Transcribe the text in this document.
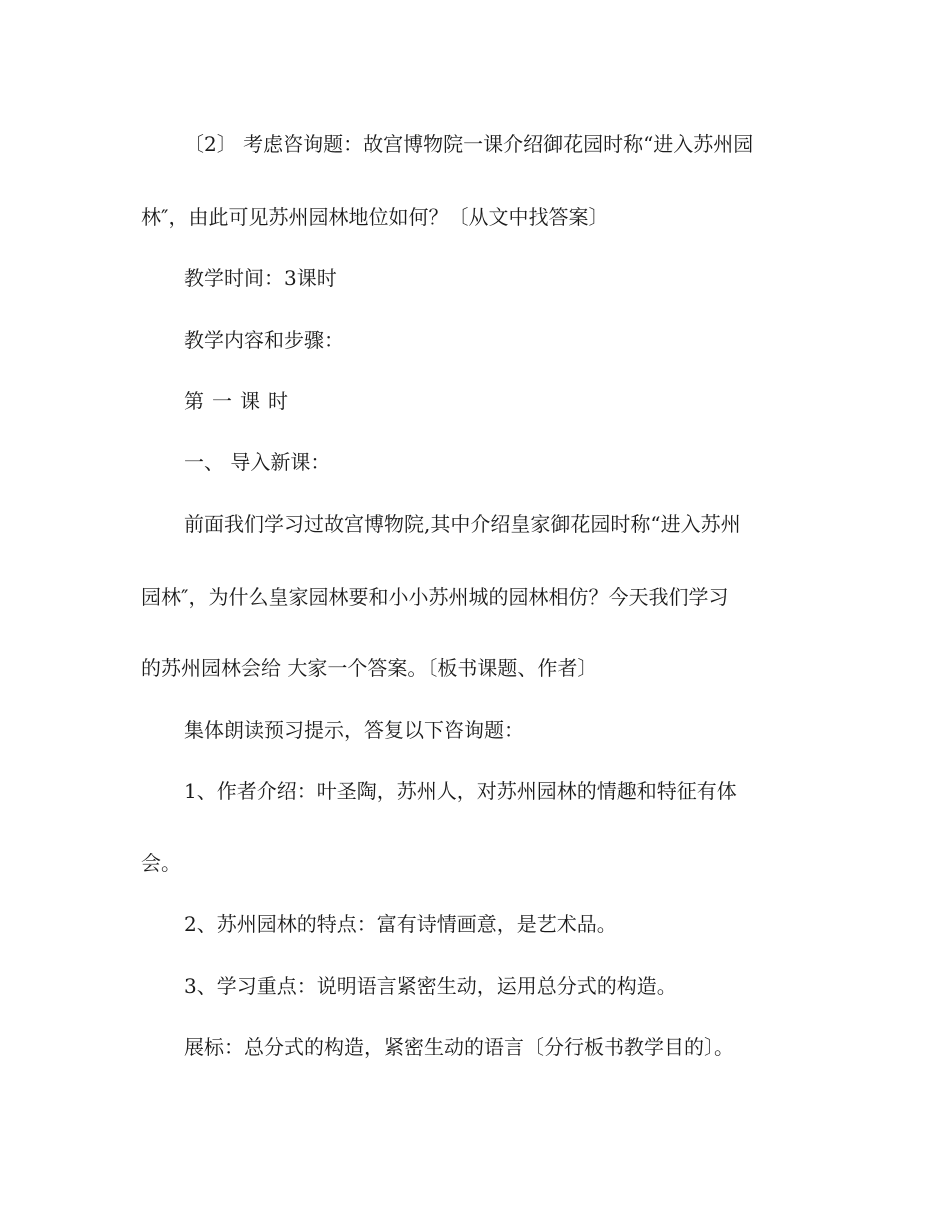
〔2〕 考虑咨询题：故宫博物院一课介绍御花园时称“进入苏州园
林″，由此可见苏州园林地位如何？〔从文中找答案〕
教学时间：3课时
教学内容和步骤：
第一课时
一、 导入新课：
前面我们学习过故宫博物院,其中介绍皇家御花园时称“进入苏州
园林″，为什么皇家园林要和小小苏州城的园林相仿？今天我们学习
的苏州园林会给 大家一个答案。〔板书课题、作者〕
集体朗读预习提示，答复以下咨询题：
1、作者介绍：叶圣陶，苏州人，对苏州园林的情趣和特征有体
会。
2、苏州园林的特点：富有诗情画意，是艺术品。
3、学习重点：说明语言紧密生动，运用总分式的构造。
展标：总分式的构造，紧密生动的语言〔分行板书教学目的〕。
